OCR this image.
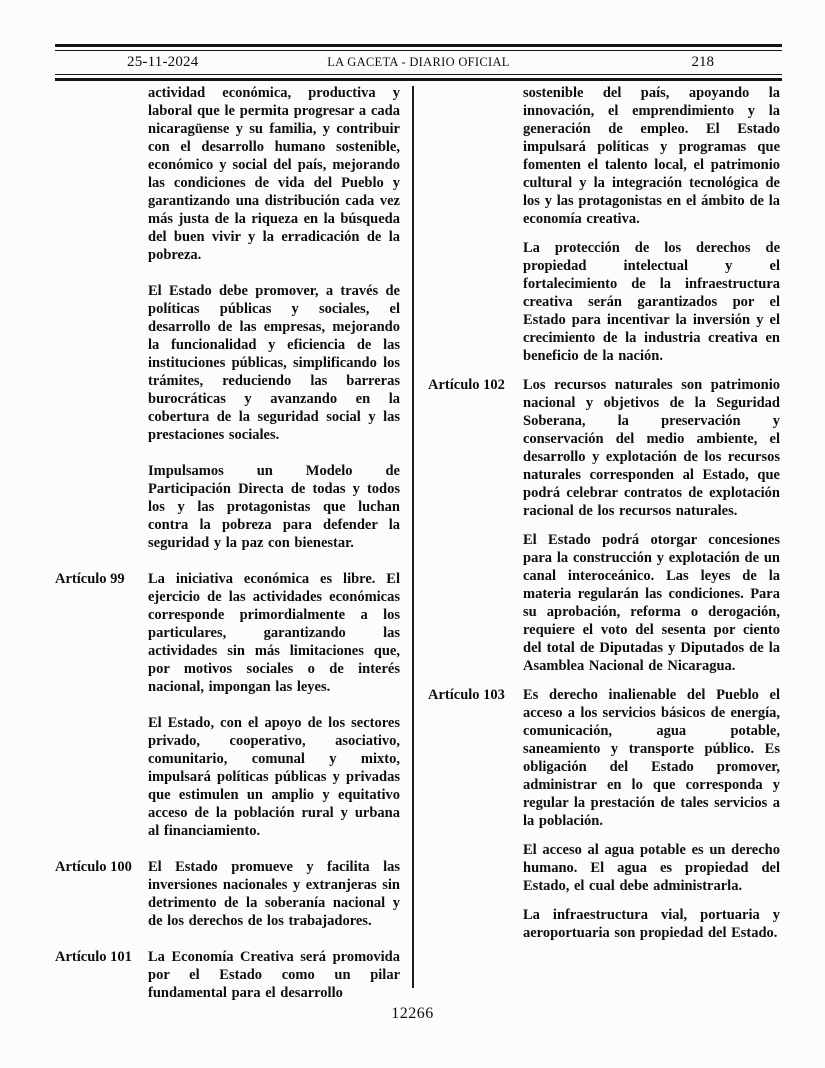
25-11-2024	LA GACETA - DIARIO OFICIAL	218

actividad económica, productiva y laboral que le permita progresar a cada nicaragüense y su familia, y contribuir con el desarrollo humano sostenible, económico y social del país, mejorando las condiciones de vida del Pueblo y garantizando una distribución cada vez más justa de la riqueza en la búsqueda del buen vivir y la erradicación de la pobreza.

El Estado debe promover, a través de políticas públicas y sociales, el desarrollo de las empresas, mejorando la funcionalidad y eficiencia de las instituciones públicas, simplificando los trámites, reduciendo las barreras burocráticas y avanzando en la cobertura de la seguridad social y las prestaciones sociales.

Impulsamos un Modelo de Participación Directa de todas y todos los y las protagonistas que luchan contra la pobreza para defender la seguridad y la paz con bienestar.

Artículo 99	La iniciativa económica es libre. El ejercicio de las actividades económicas corresponde primordialmente a los particulares, garantizando las actividades sin más limitaciones que, por motivos sociales o de interés nacional, impongan las leyes.

El Estado, con el apoyo de los sectores privado, cooperativo, asociativo, comunitario, comunal y mixto, impulsará políticas públicas y privadas que estimulen un amplio y equitativo acceso de la población rural y urbana al financiamiento.

Artículo 100	El Estado promueve y facilita las inversiones nacionales y extranjeras sin detrimento de la soberanía nacional y de los derechos de los trabajadores.

Artículo 101	La Economía Creativa será promovida por el Estado como un pilar fundamental para el desarrollo

sostenible del país, apoyando la innovación, el emprendimiento y la generación de empleo. El Estado impulsará políticas y programas que fomenten el talento local, el patrimonio cultural y la integración tecnológica de los y las protagonistas en el ámbito de la economía creativa.

La protección de los derechos de propiedad intelectual y el fortalecimiento de la infraestructura creativa serán garantizados por el Estado para incentivar la inversión y el crecimiento de la industria creativa en beneficio de la nación.

Artículo 102	Los recursos naturales son patrimonio nacional y objetivos de la Seguridad Soberana, la preservación y conservación del medio ambiente, el desarrollo y explotación de los recursos naturales corresponden al Estado, que podrá celebrar contratos de explotación racional de los recursos naturales.

El Estado podrá otorgar concesiones para la construcción y explotación de un canal interoceánico. Las leyes de la materia regularán las condiciones. Para su aprobación, reforma o derogación, requiere el voto del sesenta por ciento del total de Diputadas y Diputados de la Asamblea Nacional de Nicaragua.

Artículo 103	Es derecho inalienable del Pueblo el acceso a los servicios básicos de energía, comunicación, agua potable, saneamiento y transporte público. Es obligación del Estado promover, administrar en lo que corresponda y regular la prestación de tales servicios a la población.

El acceso al agua potable es un derecho humano. El agua es propiedad del Estado, el cual debe administrarla.

La infraestructura vial, portuaria y aeroportuaria son propiedad del Estado.

12266
